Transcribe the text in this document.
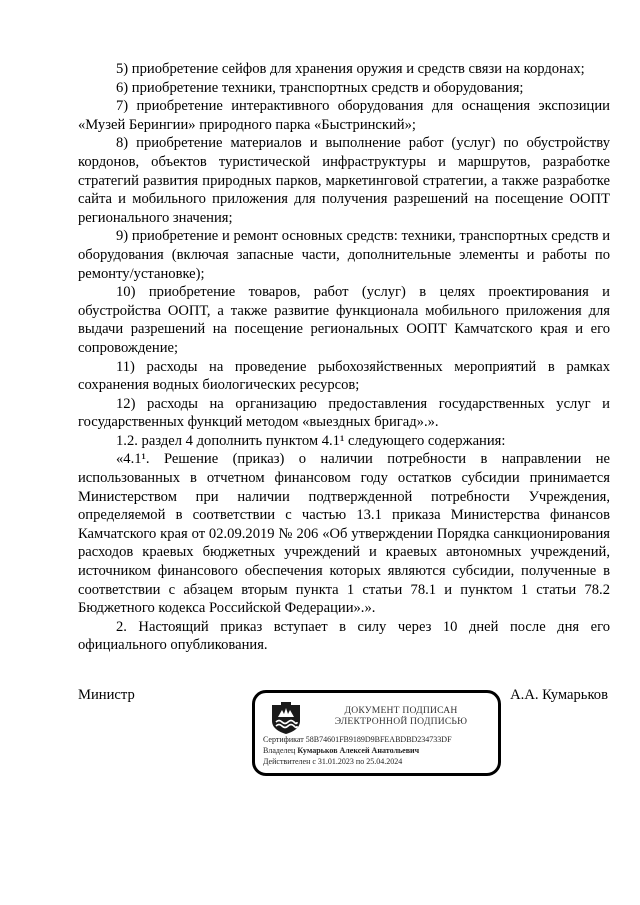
5) приобретение сейфов для хранения оружия и средств связи на кордонах;

6) приобретение техники, транспортных средств и оборудования;

7) приобретение интерактивного оборудования для оснащения экспозиции «Музей Берингии» природного парка «Быстринский»;

8) приобретение материалов и выполнение работ (услуг) по обустройству кордонов, объектов туристической инфраструктуры и маршрутов, разработке стратегий развития природных парков, маркетинговой стратегии, а также разработке сайта и мобильного приложения для получения разрешений на посещение ООПТ регионального значения;

9) приобретение и ремонт основных средств: техники, транспортных средств и оборудования (включая запасные части, дополнительные элементы и работы по ремонту/установке);

10) приобретение товаров, работ (услуг) в целях проектирования и обустройства ООПТ, а также развитие функционала мобильного приложения для выдачи разрешений на посещение региональных ООПТ Камчатского края и его сопровождение;

11) расходы на проведение рыбохозяйственных мероприятий в рамках сохранения водных биологических ресурсов;

12) расходы на организацию предоставления государственных услуг и государственных функций методом «выездных бригад».».

1.2. раздел 4 дополнить пунктом 4.1¹ следующего содержания:

«4.1¹. Решение (приказ) о наличии потребности в направлении не использованных в отчетном финансовом году остатков субсидии принимается Министерством при наличии подтвержденной потребности Учреждения, определяемой в соответствии с частью 13.1 приказа Министерства финансов Камчатского края от 02.09.2019 № 206 «Об утверждении Порядка санкционирования расходов краевых бюджетных учреждений и краевых автономных учреждений, источником финансового обеспечения которых являются субсидии, полученные в соответствии с абзацем вторым пункта 1 статьи 78.1 и пунктом 1 статьи 78.2 Бюджетного кодекса Российской Федерации».».

2. Настоящий приказ вступает в силу через 10 дней после дня его официального опубликования.

Министр	А.А. Кумарьков
ДОКУМЕНТ ПОДПИСАН
ЭЛЕКТРОННОЙ ПОДПИСЬЮ
Сертификат 58B74601FB9189D9BFEABDBD234733DF
Владелец Кумарьков Алексей Анатольевич
Действителен с 31.01.2023 по 25.04.2024
